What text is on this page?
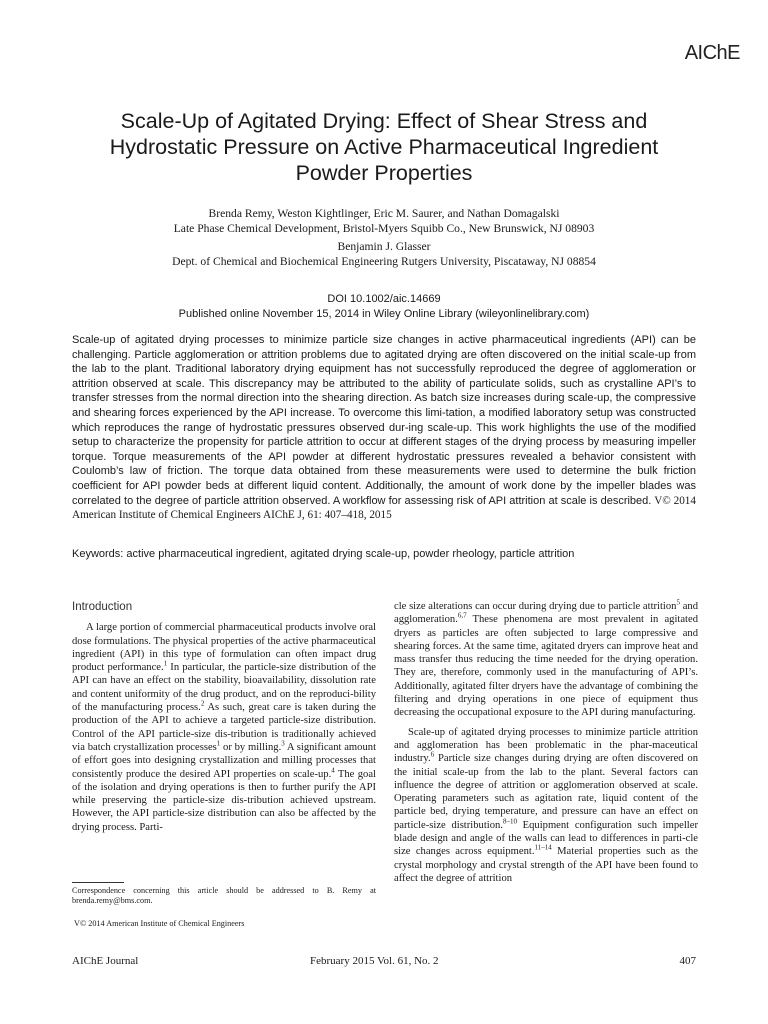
AIChE
Scale-Up of Agitated Drying: Effect of Shear Stress and
Hydrostatic Pressure on Active Pharmaceutical Ingredient
Powder Properties
Brenda Remy, Weston Kightlinger, Eric M. Saurer, and Nathan Domagalski
Late Phase Chemical Development, Bristol-Myers Squibb Co., New Brunswick, NJ 08903
Benjamin J. Glasser
Dept. of Chemical and Biochemical Engineering Rutgers University, Piscataway, NJ 08854
DOI 10.1002/aic.14669
Published online November 15, 2014 in Wiley Online Library (wileyonlinelibrary.com)
Scale-up of agitated drying processes to minimize particle size changes in active pharmaceutical ingredients (API) can be challenging. Particle agglomeration or attrition problems due to agitated drying are often discovered on the initial scale-up from the lab to the plant. Traditional laboratory drying equipment has not successfully reproduced the degree of agglomeration or attrition observed at scale. This discrepancy may be attributed to the ability of particulate solids, such as crystalline API’s to transfer stresses from the normal direction into the shearing direction. As batch size increases during scale-up, the compressive and shearing forces experienced by the API increase. To overcome this limi-tation, a modified laboratory setup was constructed which reproduces the range of hydrostatic pressures observed dur-ing scale-up. This work highlights the use of the modified setup to characterize the propensity for particle attrition to occur at different stages of the drying process by measuring impeller torque. Torque measurements of the API powder at different hydrostatic pressures revealed a behavior consistent with Coulomb’s law of friction. The torque data obtained from these measurements were used to determine the bulk friction coefficient for API powder beds at different liquid content. Additionally, the amount of work done by the impeller blades was correlated to the degree of particle attrition observed. A workflow for assessing risk of API attrition at scale is described. V© 2014 American Institute of Chemical Engineers AIChE J, 61: 407–418, 2015
Keywords: active pharmaceutical ingredient, agitated drying scale-up, powder rheology, particle attrition
Introduction

A large portion of commercial pharmaceutical products involve oral dose formulations. The physical properties of the active pharmaceutical ingredient (API) in this type of formulation can often impact drug product performance.$^1$ In particular, the particle-size distribution of the API can have an effect on the stability, bioavailability, dissolution rate and content uniformity of the drug product, and on the reproduci-bility of the manufacturing process.$^2$ As such, great care is taken during the production of the API to achieve a targeted particle-size distribution. Control of the API particle-size dis-tribution is traditionally achieved via batch crystallization processes$^1$ or by milling.$^3$ A significant amount of effort goes into designing crystallization and milling processes that consistently produce the desired API properties on scale-up.$^4$ The goal of the isolation and drying operations is then to further purify the API while preserving the particle-size dis-tribution achieved upstream. However, the API particle-size distribution can also be affected by the drying process. Parti-

cle size alterations can occur during drying due to particle attrition$^5$ and agglomeration.$^{6,7}$ These phenomena are most prevalent in agitated dryers as particles are often subjected to large compressive and shearing forces. At the same time, agitated dryers can improve heat and mass transfer thus reducing the time needed for the drying operation. They are, therefore, commonly used in the manufacturing of API’s. Additionally, agitated filter dryers have the advantage of combining the filtering and drying operations in one piece of equipment thus decreasing the occupational exposure to the API during manufacturing.

Scale-up of agitated drying processes to minimize particle attrition and agglomeration has been problematic in the phar-maceutical industry.$^6$ Particle size changes during drying are often discovered on the initial scale-up from the lab to the plant. Several factors can influence the degree of attrition or agglomeration observed at scale. Operating parameters such as agitation rate, liquid content of the particle bed, drying temperature, and pressure can have an effect on particle-size distribution.$^{8-10}$ Equipment configuration such impeller blade design and angle of the walls can lead to differences in parti-cle size changes across equipment.$^{11-14}$ Material properties such as the crystal morphology and crystal strength of the API have been found to affect the degree of attrition

Correspondence concerning this article should be addressed to B. Remy at brenda.remy@bms.com.
V© 2014 American Institute of Chemical Engineers
AIChE Journal	February 2015 Vol. 61, No. 2	407
